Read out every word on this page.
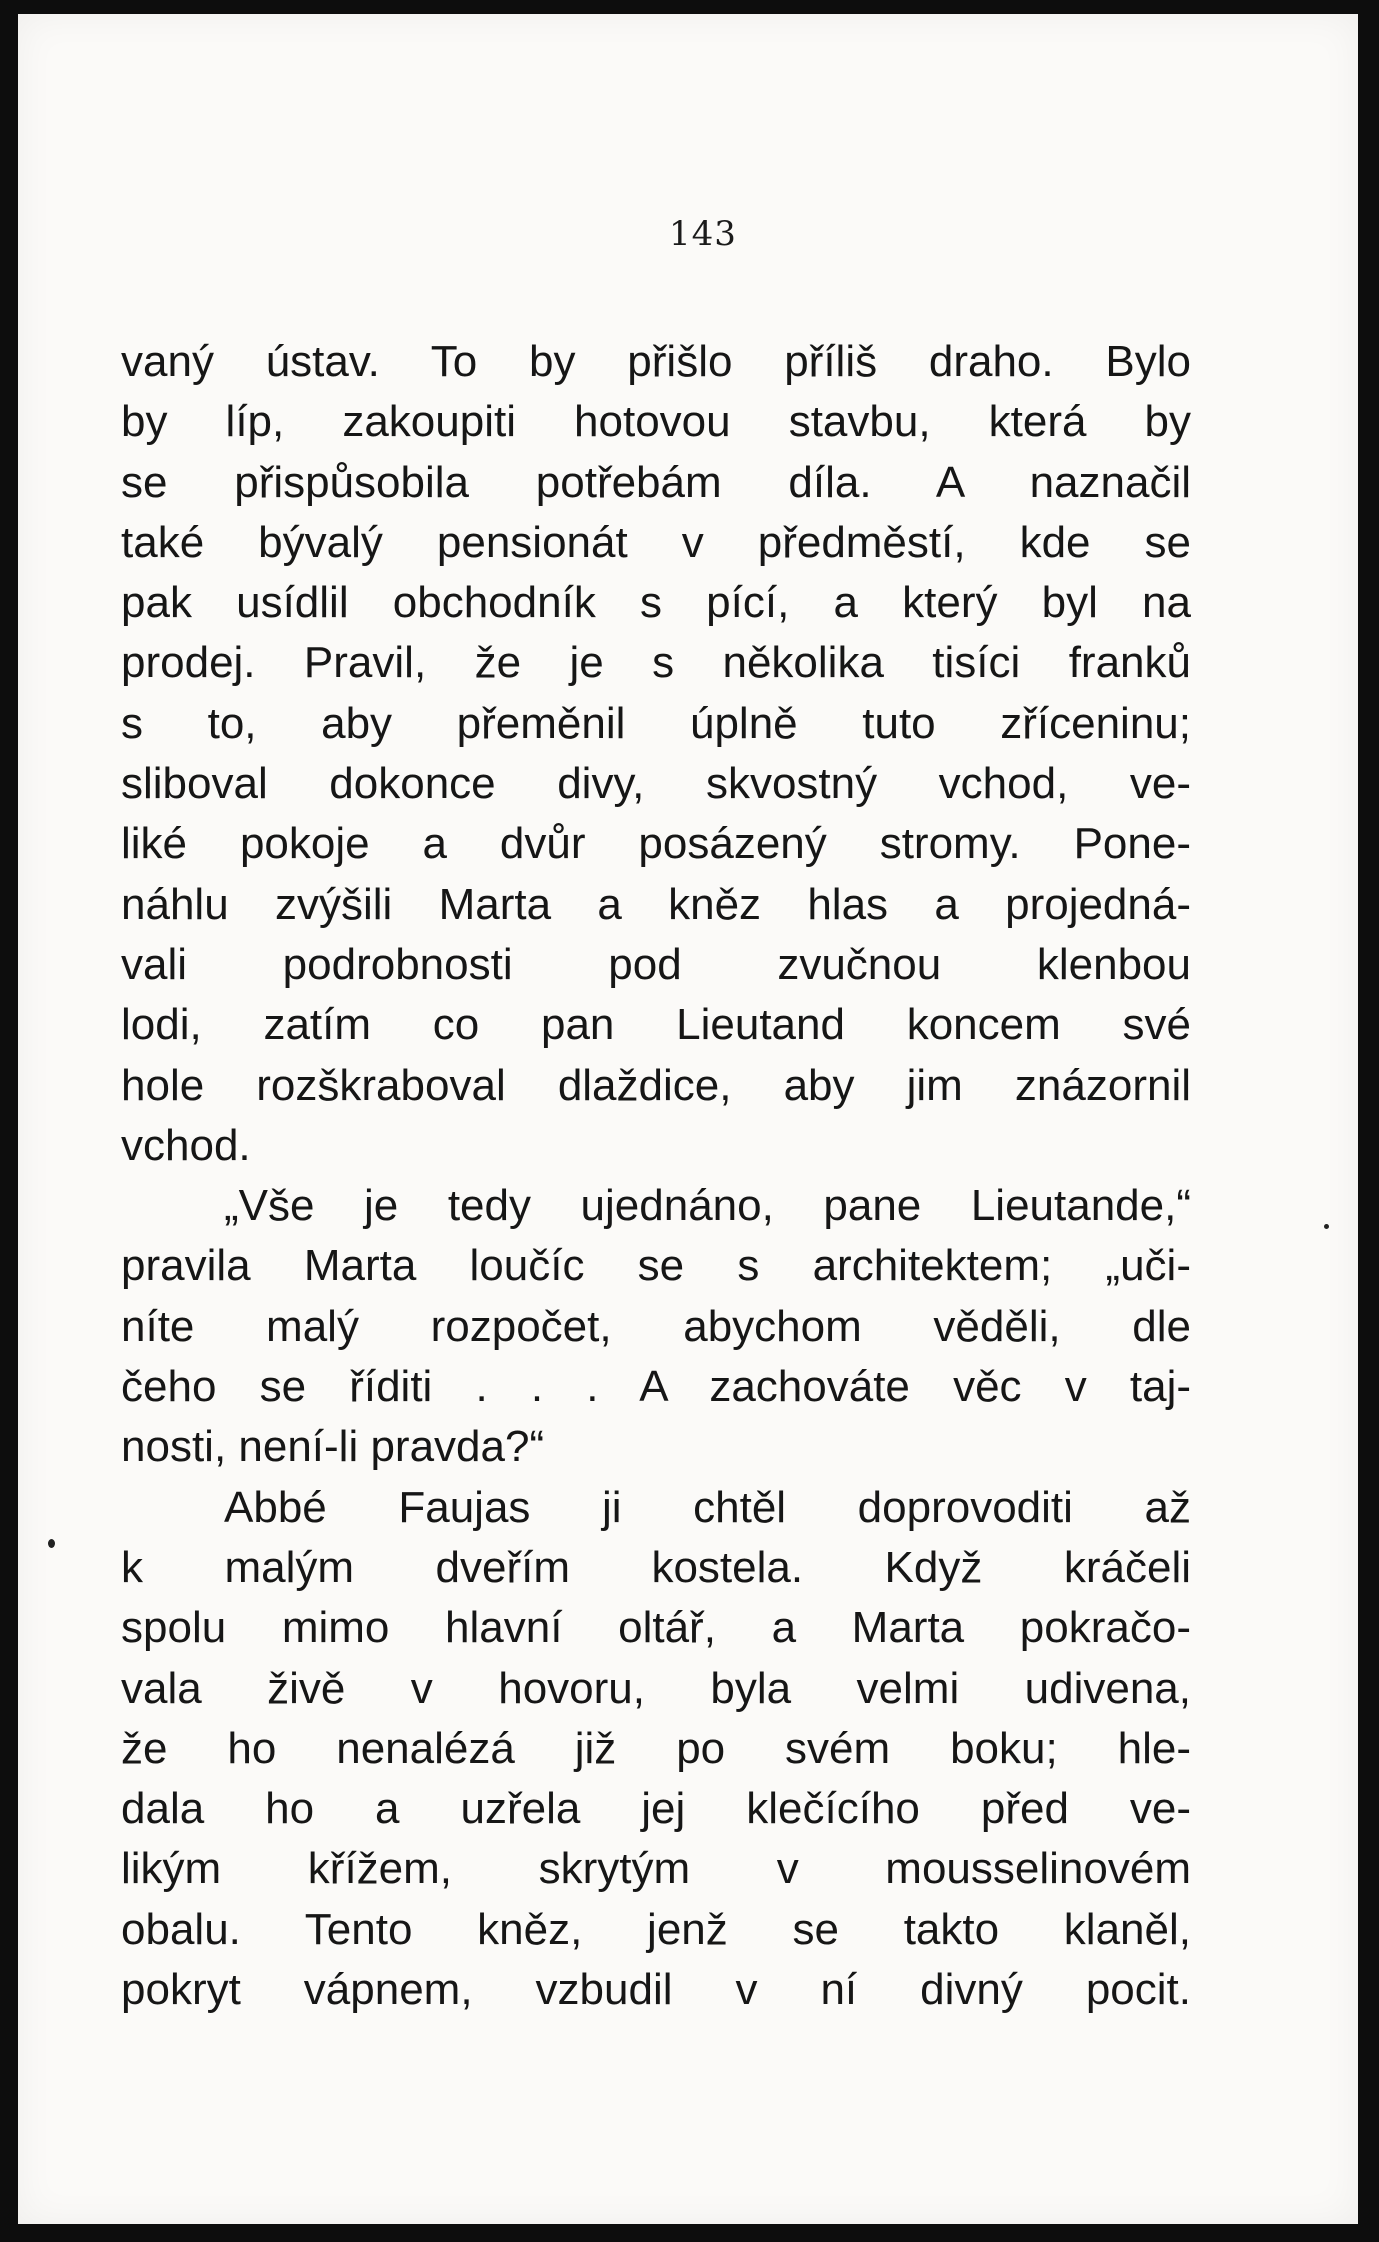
143
vaný ústav. To by přišlo příliš draho. Bylo
by líp, zakoupiti hotovou stavbu, která by
se přispůsobila potřebám díla. A naznačil
také bývalý pensionát v předměstí, kde se
pak usídlil obchodník s pící, a který byl na
prodej. Pravil, že je s několika tisíci franků
s to, aby přeměnil úplně tuto zříceninu;
sliboval dokonce divy, skvostný vchod, ve-
liké pokoje a dvůr posázený stromy. Pone-
náhlu zvýšili Marta a kněz hlas a projedná-
vali podrobnosti pod zvučnou klenbou
lodi, zatím co pan Lieutand koncem své
hole rozškraboval dlaždice, aby jim znázornil
vchod.
„Vše je tedy ujednáno, pane Lieutande,“
pravila Marta loučíc se s architektem; „uči-
níte malý rozpočet, abychom věděli, dle
čeho se říditi . . . A zachováte věc v taj-
nosti, není-li pravda?“
Abbé Faujas ji chtěl doprovoditi až
k malým dveřím kostela. Když kráčeli
spolu mimo hlavní oltář, a Marta pokračo-
vala živě v hovoru, byla velmi udivena,
že ho nenalézá již po svém boku; hle-
dala ho a uzřela jej klečícího před ve-
likým křížem, skrytým v mousselinovém
obalu. Tento kněz, jenž se takto klaněl,
pokryt vápnem, vzbudil v ní divný pocit.
